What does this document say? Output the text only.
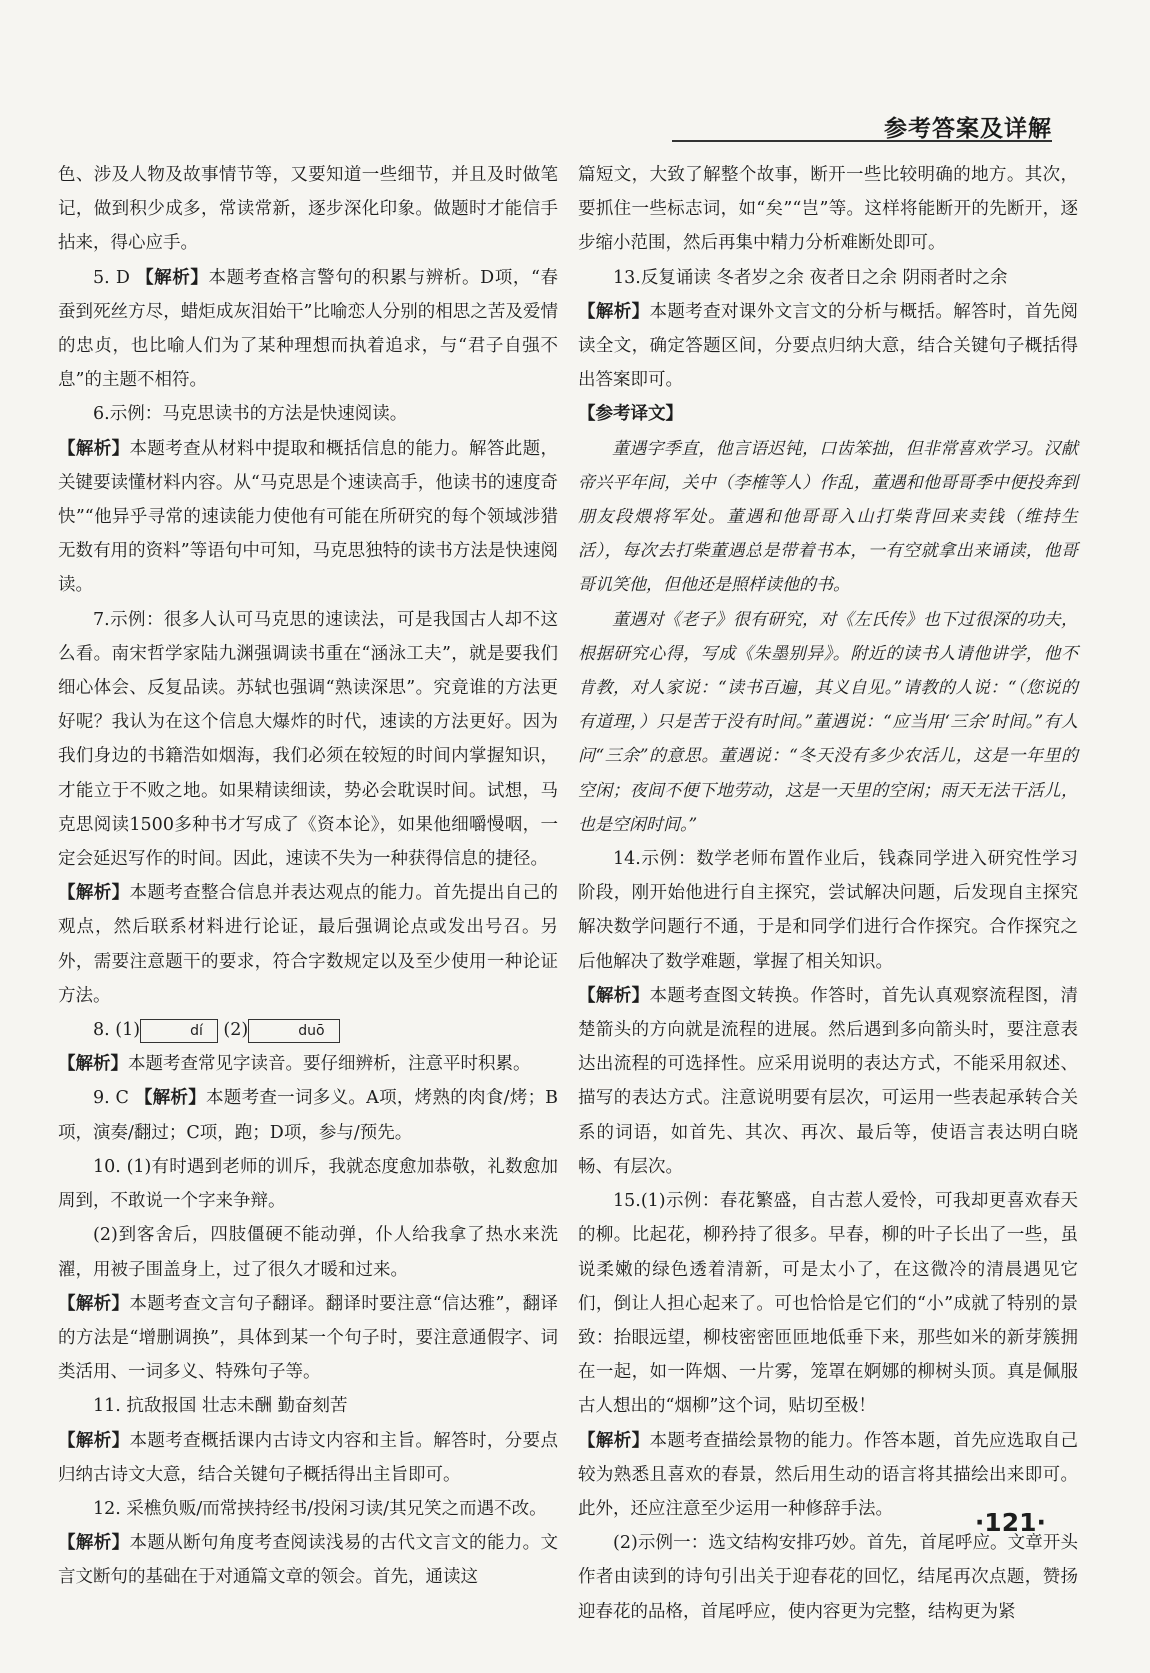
参考答案及详解

色、涉及人物及故事情节等，又要知道一些细节，并且及时做笔记，做到积少成多，常读常新，逐步深化印象。做题时才能信手拈来，得心应手。

5. D 【解析】本题考查格言警句的积累与辨析。D项，“春蚕到死丝方尽，蜡炬成灰泪始干”比喻恋人分别的相思之苦及爱情的忠贞，也比喻人们为了某种理想而执着追求，与“君子自强不息”的主题不相符。

6.示例：马克思读书的方法是快速阅读。

【解析】本题考查从材料中提取和概括信息的能力。解答此题，关键要读懂材料内容。从“马克思是个速读高手，他读书的速度奇快”“他异乎寻常的速读能力使他有可能在所研究的每个领域涉猎无数有用的资料”等语句中可知，马克思独特的读书方法是快速阅读。

7.示例：很多人认可马克思的速读法，可是我国古人却不这么看。南宋哲学家陆九渊强调读书重在“涵泳工夫”，就是要我们细心体会、反复品读。苏轼也强调“熟读深思”。究竟谁的方法更好呢？我认为在这个信息大爆炸的时代，速读的方法更好。因为我们身边的书籍浩如烟海，我们必须在较短的时间内掌握知识，才能立于不败之地。如果精读细读，势必会耽误时间。试想，马克思阅读1500多种书才写成了《资本论》，如果他细嚼慢咽，一定会延迟写作的时间。因此，速读不失为一种获得信息的捷径。

【解析】本题考查整合信息并表达观点的能力。首先提出自己的观点，然后联系材料进行论证，最后强调论点或发出号召。另外，需要注意题干的要求，符合字数规定以及至少使用一种论证方法。

8. (1)	dí (2)	duō

【解析】本题考查常见字读音。要仔细辨析，注意平时积累。

9. C 【解析】本题考查一词多义。A项，烤熟的肉食/烤；B项，演奏/翻过；C项，跑；D项，参与/预先。

10. (1)有时遇到老师的训斥，我就态度愈加恭敬，礼数愈加周到，不敢说一个字来争辩。

(2)到客舍后，四肢僵硬不能动弹，仆人给我拿了热水来洗濯，用被子围盖身上，过了很久才暖和过来。

【解析】本题考查文言句子翻译。翻译时要注意“信达雅”，翻译的方法是“增删调换”，具体到某一个句子时，要注意通假字、词类活用、一词多义、特殊句子等。

11. 抗敌报国 壮志未酬 勤奋刻苦

【解析】本题考查概括课内古诗文内容和主旨。解答时，分要点归纳古诗文大意，结合关键句子概括得出主旨即可。

12. 采樵负贩/而常挟持经书/投闲习读/其兄笑之而遇不改。

【解析】本题从断句角度考查阅读浅易的古代文言文的能力。文言文断句的基础在于对通篇文章的领会。首先，通读这

篇短文，大致了解整个故事，断开一些比较明确的地方。其次，要抓住一些标志词，如“矣”“岂”等。这样将能断开的先断开，逐步缩小范围，然后再集中精力分析难断处即可。

13.反复诵读 冬者岁之余 夜者日之余 阴雨者时之余

【解析】本题考查对课外文言文的分析与概括。解答时，首先阅读全文，确定答题区间，分要点归纳大意，结合关键句子概括得出答案即可。

【参考译文】

董遇字季直，他言语迟钝，口齿笨拙，但非常喜欢学习。汉献帝兴平年间，关中（李榷等人）作乱，董遇和他哥哥季中便投奔到朋友段煨将军处。董遇和他哥哥入山打柴背回来卖钱（维持生活），每次去打柴董遇总是带着书本，一有空就拿出来诵读，他哥哥讥笑他，但他还是照样读他的书。

董遇对《老子》很有研究，对《左氏传》也下过很深的功夫，根据研究心得，写成《朱墨别异》。附近的读书人请他讲学，他不肯教，对人家说：“读书百遍，其义自见。”请教的人说：“（您说的有道理，）只是苦于没有时间。”董遇说：“应当用‘三余’时间。”有人问“三余”的意思。董遇说：“冬天没有多少农活儿，这是一年里的空闲；夜间不便下地劳动，这是一天里的空闲；雨天无法干活儿，也是空闲时间。”

14.示例：数学老师布置作业后，钱森同学进入研究性学习阶段，刚开始他进行自主探究，尝试解决问题，后发现自主探究解决数学问题行不通，于是和同学们进行合作探究。合作探究之后他解决了数学难题，掌握了相关知识。

【解析】本题考查图文转换。作答时，首先认真观察流程图，清楚箭头的方向就是流程的进展。然后遇到多向箭头时，要注意表达出流程的可选择性。应采用说明的表达方式，不能采用叙述、描写的表达方式。注意说明要有层次，可运用一些表起承转合关系的词语，如首先、其次、再次、最后等，使语言表达明白晓畅、有层次。

15.(1)示例：春花繁盛，自古惹人爱怜，可我却更喜欢春天的柳。比起花，柳矜持了很多。早春，柳的叶子长出了一些，虽说柔嫩的绿色透着清新，可是太小了，在这微冷的清晨遇见它们，倒让人担心起来了。可也恰恰是它们的“小”成就了特别的景致：抬眼远望，柳枝密密匝匝地低垂下来，那些如米的新芽簇拥在一起，如一阵烟、一片雾，笼罩在婀娜的柳树头顶。真是佩服古人想出的“烟柳”这个词，贴切至极！

【解析】本题考查描绘景物的能力。作答本题，首先应选取自己较为熟悉且喜欢的春景，然后用生动的语言将其描绘出来即可。此外，还应注意至少运用一种修辞手法。

(2)示例一：选文结构安排巧妙。首先，首尾呼应。文章开头作者由读到的诗句引出关于迎春花的回忆，结尾再次点题，赞扬迎春花的品格，首尾呼应，使内容更为完整，结构更为紧

·121·
